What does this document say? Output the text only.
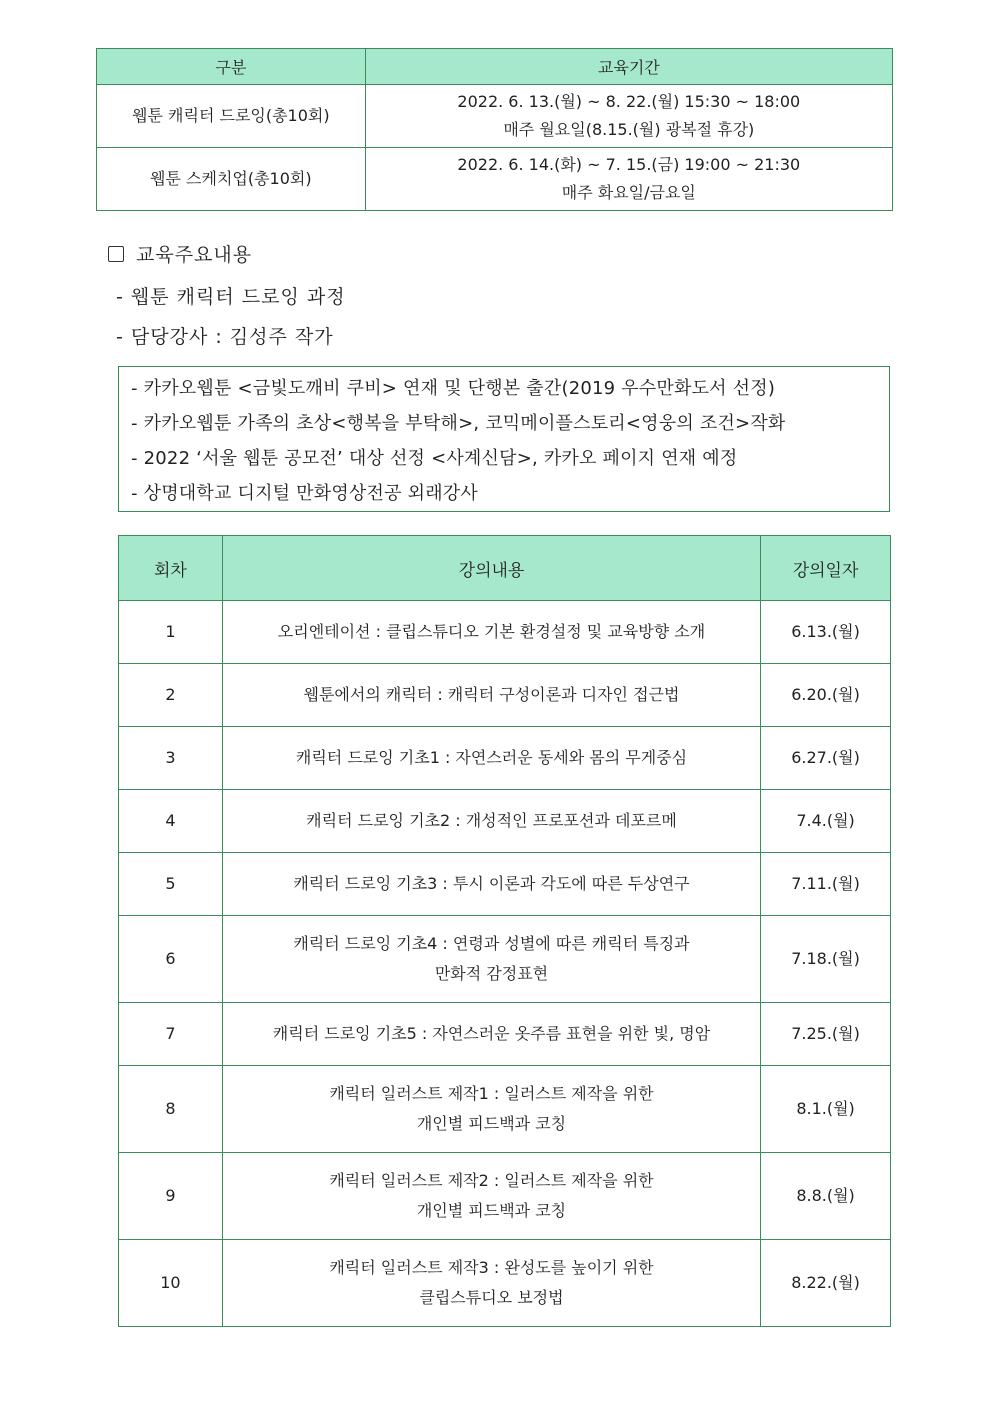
구분	교육기간
웹툰 캐릭터 드로잉(총10회)	2022. 6. 13.(월) ~ 8. 22.(월) 15:30 ~ 18:00
매주 월요일(8.15.(월) 광복절 휴강)

웹툰 스케치업(총10회)	2022. 6. 14.(화) ~ 7. 15.(금) 19:00 ~ 21:30
매주 화요일/금요일
교육주요내용
- 웹툰 캐릭터 드로잉 과정
- 담당강사 : 김성주 작가
- 카카오웹툰 <금빛도깨비 쿠비> 연재 및 단행본 출간(2019 우수만화도서 선정)
- 카카오웹툰 가족의 초상<행복을 부탁해>, 코믹메이플스토리<영웅의 조건>작화
- 2022 ‘서울 웹툰 공모전’ 대상 선정 <사계신담>, 카카오 페이지 연재 예정
- 상명대학교 디지털 만화영상전공 외래강사
회차	강의내용	강의일자
1	오리엔테이션 : 클립스튜디오 기본 환경설정 및 교육방향 소개	6.13.(월)
2	웹툰에서의 캐릭터 : 캐릭터 구성이론과 디자인 접근법	6.20.(월)
3	캐릭터 드로잉 기초1 : 자연스러운 동세와 몸의 무게중심	6.27.(월)
4	캐릭터 드로잉 기초2 : 개성적인 프로포션과 데포르메	7.4.(월)
5	캐릭터 드로잉 기초3 : 투시 이론과 각도에 따른 두상연구	7.11.(월)
6	캐릭터 드로잉 기초4 : 연령과 성별에 따른 캐릭터 특징과
만화적 감정표현	7.18.(월)
7	캐릭터 드로잉 기초5 : 자연스러운 옷주름 표현을 위한 빛, 명암	7.25.(월)
8	캐릭터 일러스트 제작1 : 일러스트 제작을 위한
개인별 피드백과 코칭	8.1.(월)
9	캐릭터 일러스트 제작2 : 일러스트 제작을 위한
개인별 피드백과 코칭	8.8.(월)
10	캐릭터 일러스트 제작3 : 완성도를 높이기 위한
클립스튜디오 보정법	8.22.(월)
